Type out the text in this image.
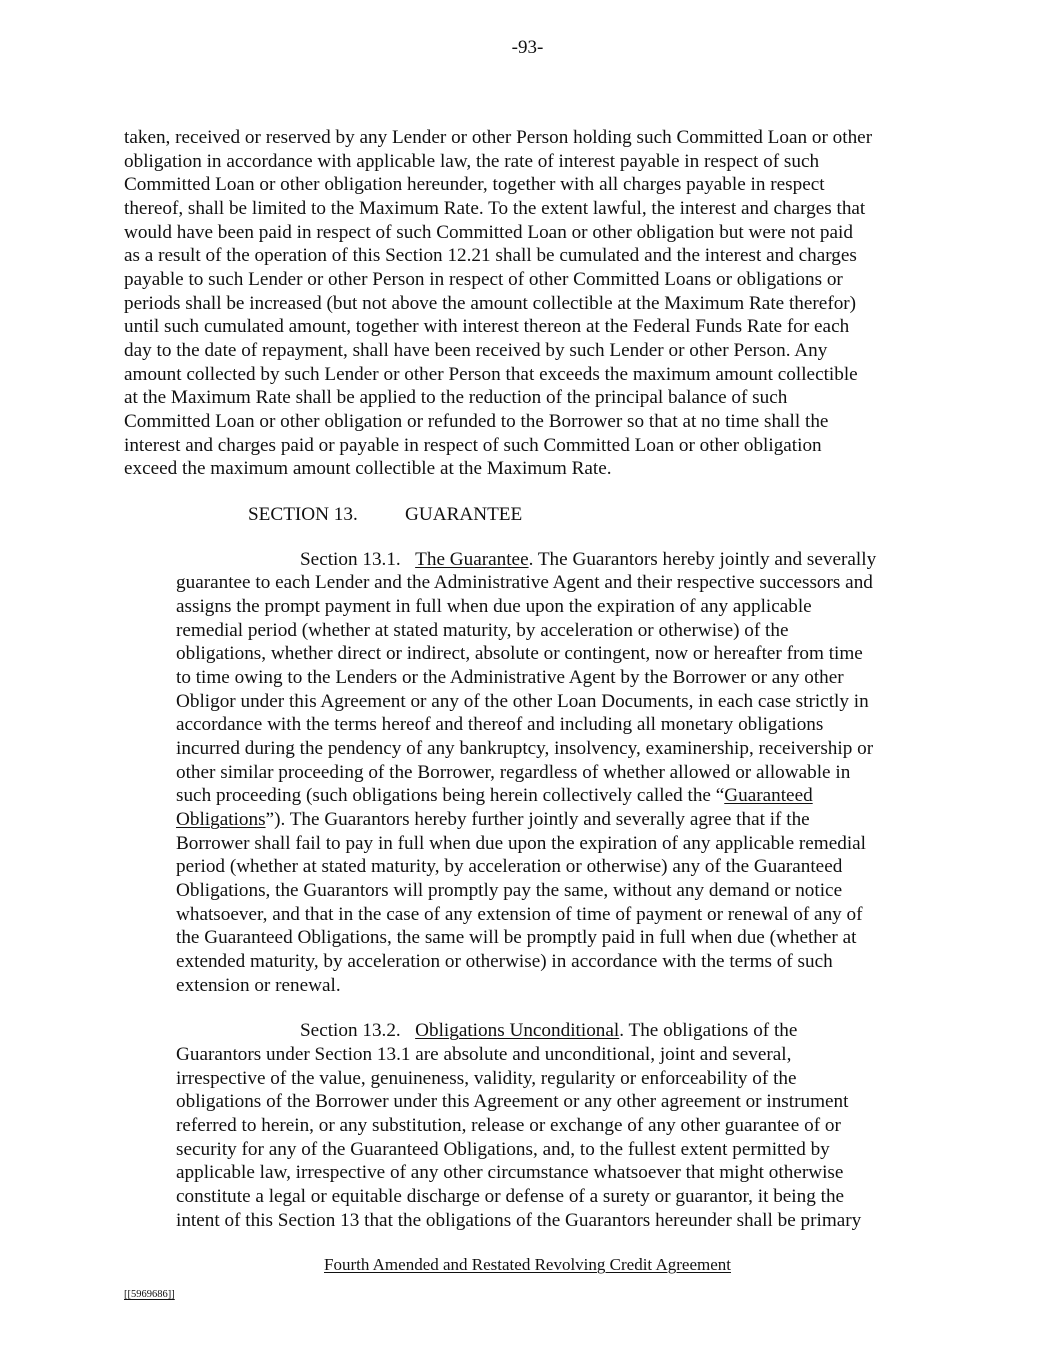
-93-
taken, received or reserved by any Lender or other Person holding such Committed Loan or other
obligation in accordance with applicable law, the rate of interest payable in respect of such
Committed Loan or other obligation hereunder, together with all charges payable in respect
thereof, shall be limited to the Maximum Rate. To the extent lawful, the interest and charges that
would have been paid in respect of such Committed Loan or other obligation but were not paid
as a result of the operation of this Section 12.21 shall be cumulated and the interest and charges
payable to such Lender or other Person in respect of other Committed Loans or obligations or
periods shall be increased (but not above the amount collectible at the Maximum Rate therefor)
until such cumulated amount, together with interest thereon at the Federal Funds Rate for each
day to the date of repayment, shall have been received by such Lender or other Person. Any
amount collected by such Lender or other Person that exceeds the maximum amount collectible
at the Maximum Rate shall be applied to the reduction of the principal balance of such
Committed Loan or other obligation or refunded to the Borrower so that at no time shall the
interest and charges paid or payable in respect of such Committed Loan or other obligation
exceed the maximum amount collectible at the Maximum Rate.
SECTION 13. GUARANTEE
Section 13.1. The Guarantee. The Guarantors hereby jointly and severally
guarantee to each Lender and the Administrative Agent and their respective successors and
assigns the prompt payment in full when due upon the expiration of any applicable
remedial period (whether at stated maturity, by acceleration or otherwise) of the
obligations, whether direct or indirect, absolute or contingent, now or hereafter from time
to time owing to the Lenders or the Administrative Agent by the Borrower or any other
Obligor under this Agreement or any of the other Loan Documents, in each case strictly in
accordance with the terms hereof and thereof and including all monetary obligations
incurred during the pendency of any bankruptcy, insolvency, examinership, receivership or
other similar proceeding of the Borrower, regardless of whether allowed or allowable in
such proceeding (such obligations being herein collectively called the “Guaranteed
Obligations”). The Guarantors hereby further jointly and severally agree that if the
Borrower shall fail to pay in full when due upon the expiration of any applicable remedial
period (whether at stated maturity, by acceleration or otherwise) any of the Guaranteed
Obligations, the Guarantors will promptly pay the same, without any demand or notice
whatsoever, and that in the case of any extension of time of payment or renewal of any of
the Guaranteed Obligations, the same will be promptly paid in full when due (whether at
extended maturity, by acceleration or otherwise) in accordance with the terms of such
extension or renewal.
Section 13.2. Obligations Unconditional. The obligations of the
Guarantors under Section 13.1 are absolute and unconditional, joint and several,
irrespective of the value, genuineness, validity, regularity or enforceability of the
obligations of the Borrower under this Agreement or any other agreement or instrument
referred to herein, or any substitution, release or exchange of any other guarantee of or
security for any of the Guaranteed Obligations, and, to the fullest extent permitted by
applicable law, irrespective of any other circumstance whatsoever that might otherwise
constitute a legal or equitable discharge or defense of a surety or guarantor, it being the
intent of this Section 13 that the obligations of the Guarantors hereunder shall be primary
Fourth Amended and Restated Revolving Credit Agreement
[[5969686]]
